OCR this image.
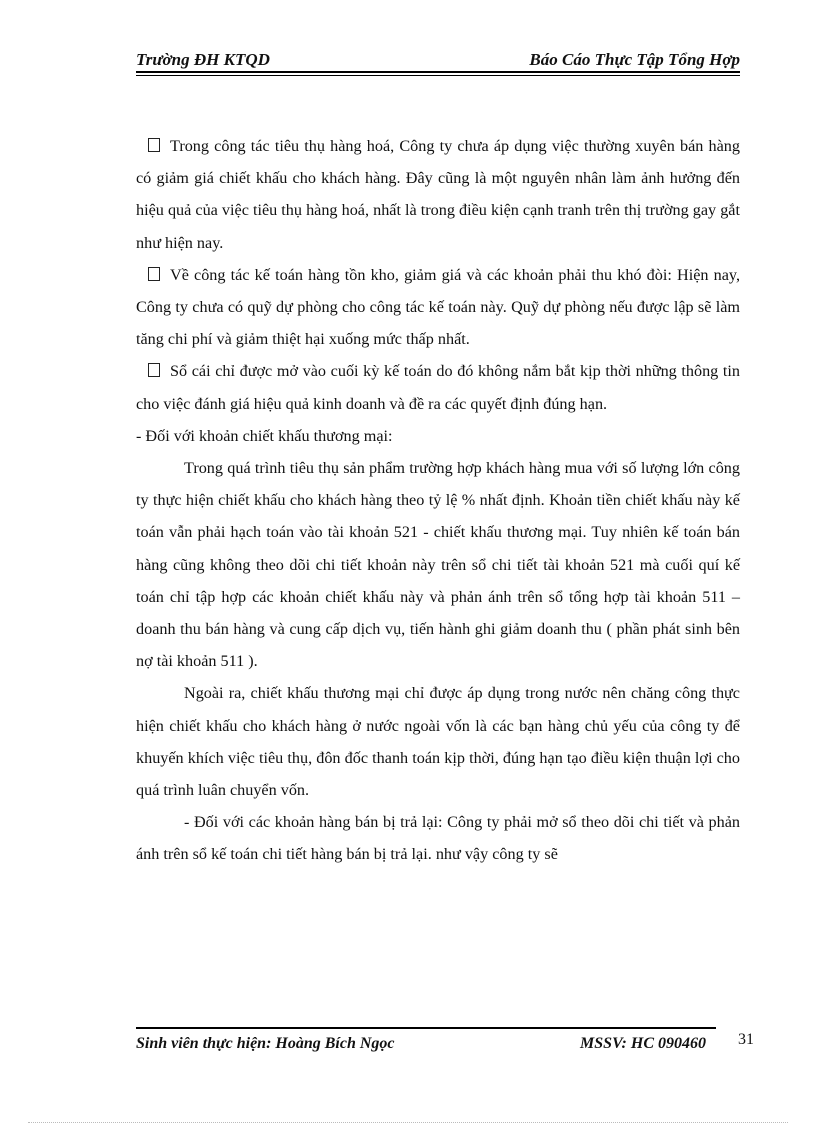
Trường ĐH KTQD	Báo Cáo Thực Tập Tổng Hợp

Trong công tác tiêu thụ hàng hoá, Công ty chưa áp dụng việc thường xuyên bán hàng có giảm giá chiết khấu cho khách hàng. Đây cũng là một nguyên nhân làm ảnh hưởng đến hiệu quả của việc tiêu thụ hàng hoá, nhất là trong điều kiện cạnh tranh trên thị trường gay gắt như hiện nay.

Về công tác kế toán hàng tồn kho, giảm giá và các khoản phải thu khó đòi: Hiện nay, Công ty chưa có quỹ dự phòng cho công tác kế toán này. Quỹ dự phòng nếu được lập sẽ làm tăng chi phí và giảm thiệt hại xuống mức thấp nhất.

Sổ cái chỉ được mở vào cuối kỳ kế toán do đó không nắm bắt kịp thời những thông tin cho việc đánh giá hiệu quả kinh doanh và đề ra các quyết định đúng hạn.

- Đối với khoản chiết khấu thương mại:

Trong quá trình tiêu thụ sản phẩm trường hợp khách hàng mua với số lượng lớn công ty thực hiện chiết khấu cho khách hàng theo tỷ lệ % nhất định. Khoản tiền chiết khấu này kế toán vẫn phải hạch toán vào tài khoản 521 - chiết khấu thương mại. Tuy nhiên kế toán bán hàng cũng không theo dõi chi tiết khoản này trên sổ chi tiết tài khoản 521 mà cuối quí kế toán chỉ tập hợp các khoản chiết khấu này và phản ánh trên sổ tổng hợp tài khoản 511 – doanh thu bán hàng và cung cấp dịch vụ, tiến hành ghi giảm doanh thu ( phần phát sinh bên nợ tài khoản 511 ).

Ngoài ra, chiết khấu thương mại chỉ được áp dụng trong nước nên chăng công thực hiện chiết khấu cho khách hàng ở nước ngoài vốn là các bạn hàng chủ yếu của công ty để khuyến khích việc tiêu thụ, đôn đốc thanh toán kịp thời, đúng hạn tạo điều kiện thuận lợi cho quá trình luân chuyển vốn.

- Đối với các khoản hàng bán bị trả lại: Công ty phải mở sổ theo dõi chi tiết và phản ánh trên sổ kế toán chi tiết hàng bán bị trả lại. như vậy công ty sẽ

Sinh viên thực hiện: Hoàng Bích Ngọc	MSSV: HC 090460 31
